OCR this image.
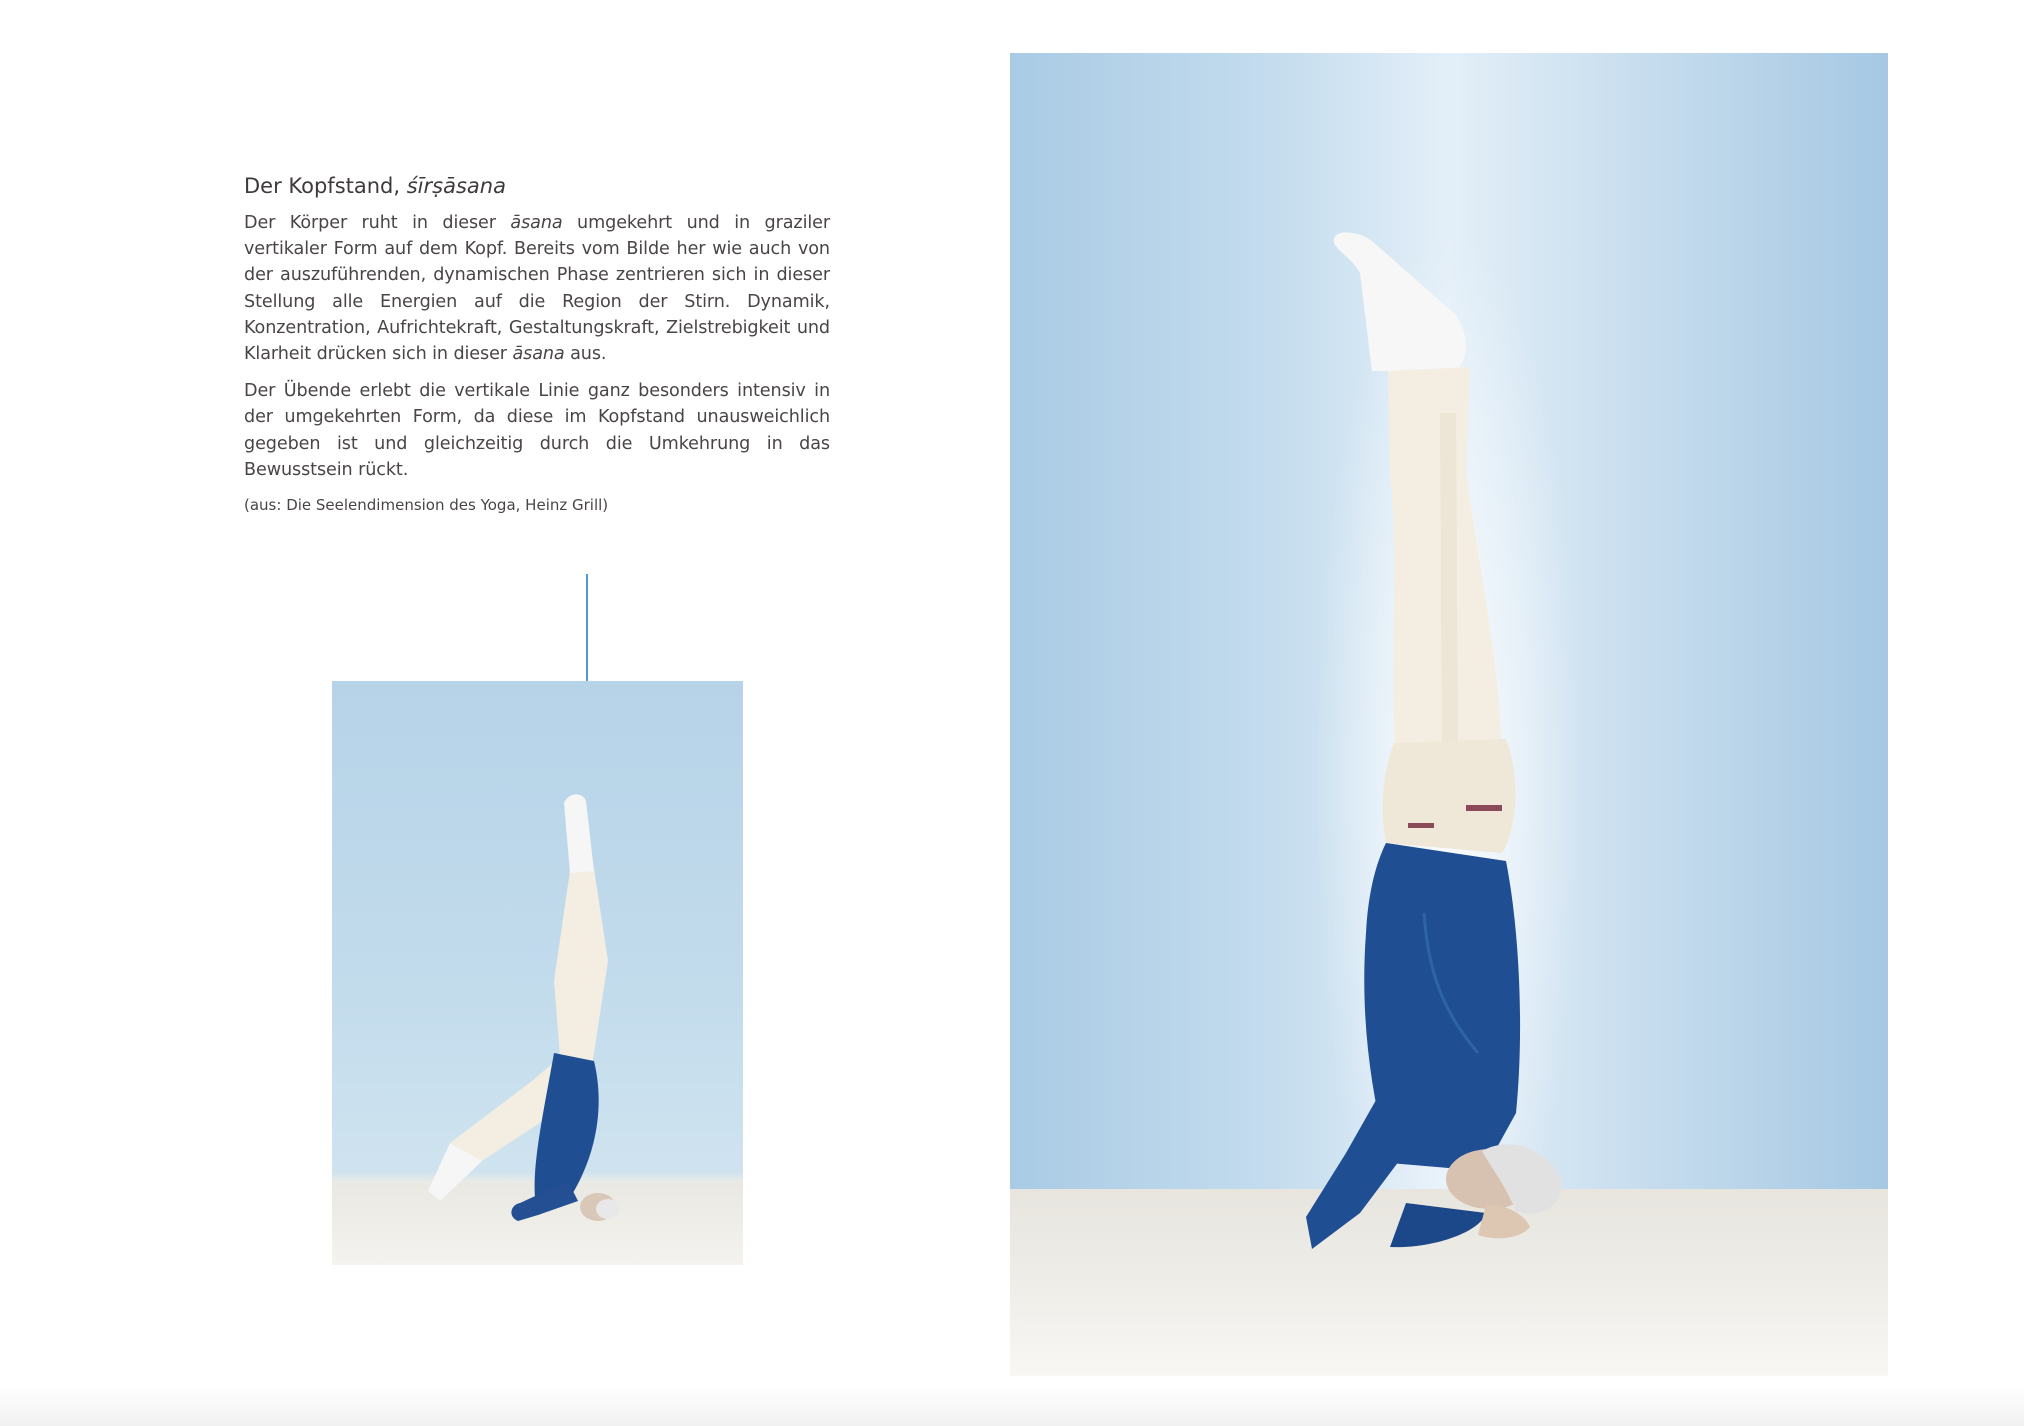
Der Kopfstand, śīrṣāsana

Der Körper ruht in dieser āsana umgekehrt und in graziler vertikaler Form auf dem Kopf. Bereits vom Bilde her wie auch von der auszuführenden, dynamischen Phase zentrieren sich in dieser Stellung alle Energien auf die Region der Stirn. Dynamik, Konzentration, Aufrichtekraft, Gestaltungskraft, Zielstrebigkeit und Klarheit drücken sich in dieser āsana aus.

Der Übende erlebt die vertikale Linie ganz besonders intensiv in der umgekehrten Form, da diese im Kopfstand unausweichlich gegeben ist und gleichzeitig durch die Umkehrung in das Bewusstsein rückt.

(aus: Die Seelendimension des Yoga, Heinz Grill)
